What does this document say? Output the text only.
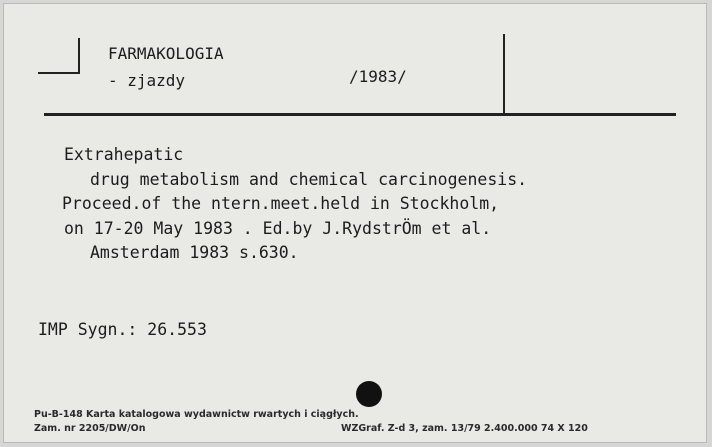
FARMAKOLOGIA
- zjazdy	/1983/
Extrahepatic
drug metabolism and chemical carcinogenesis.
Proceed.of the ntern.meet.held in Stockholm,
on 17-20 May 1983 . Ed.by J.RydstrÖm et al.
Amsterdam 1983 s.630.
IMP Sygn.: 26.553
Pu-B-148 Karta katalogowa wydawnictw rwartych i ciągłych.
Zam. nr 2205/DW/On	WZGraf. Z-d 3, zam. 13/79 2.400.000 74 X 120
